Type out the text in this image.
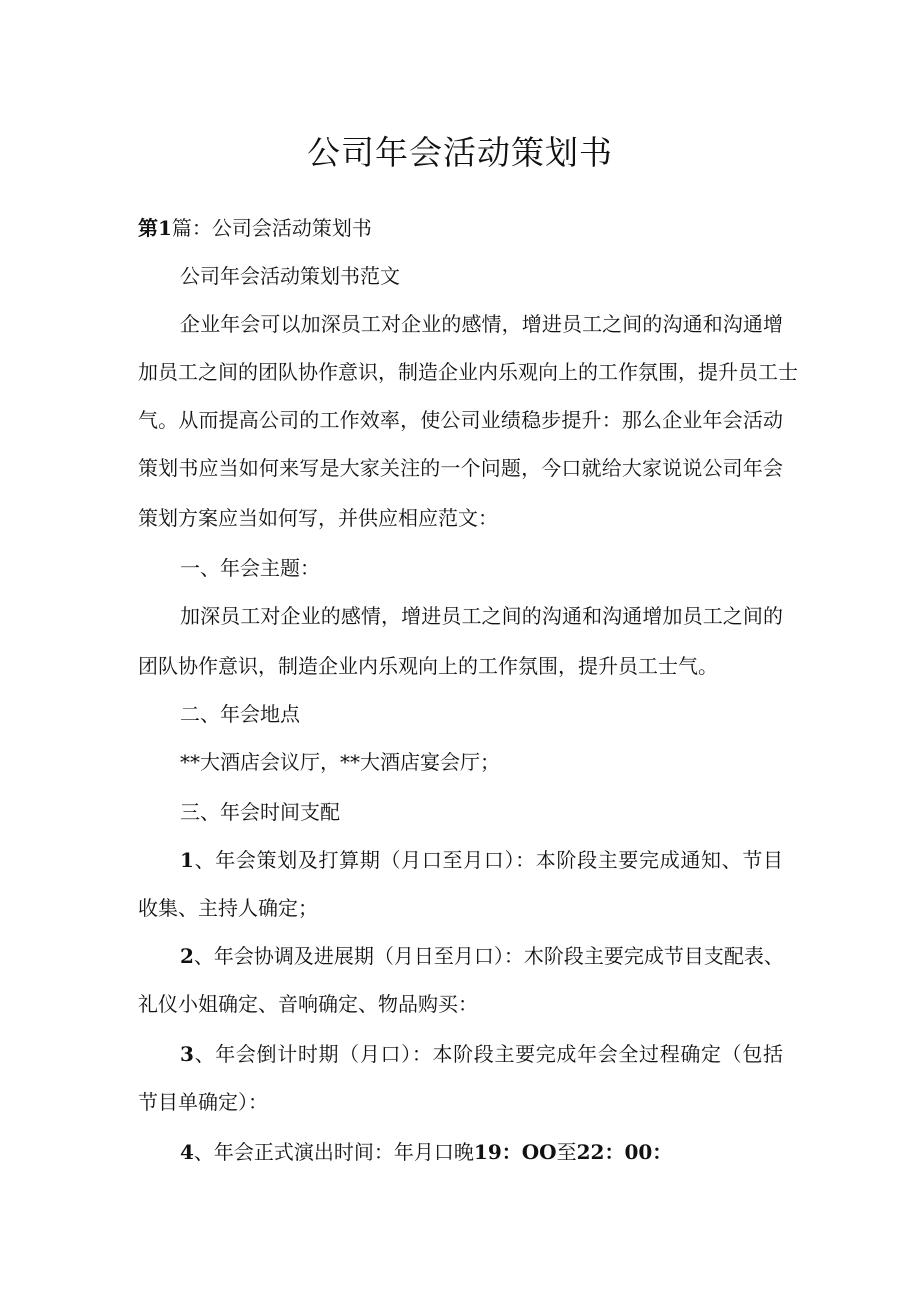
公司年会活动策划书
第1篇：公司会活动策划书
公司年会活动策划书范文
企业年会可以加深员工对企业的感情，增进员工之间的沟通和沟通增
加员工之间的团队协作意识，制造企业内乐观向上的工作氛围，提升员工士
气。从而提高公司的工作效率，使公司业绩稳步提升：那么企业年会活动
策划书应当如何来写是大家关注的一个问题，今口就给大家说说公司年会
策划方案应当如何写，并供应相应范文：
一、年会主题：
加深员工对企业的感情，增进员工之间的沟通和沟通增加员工之间的
团队协作意识，制造企业内乐观向上的工作氛围，提升员工士气。
二、年会地点
**大酒店会议厅，**大酒店宴会厅；
三、年会时间支配
1、年会策划及打算期（月口至月口）：本阶段主要完成通知、节目
收集、主持人确定；
2、年会协调及进展期（月日至月口）：木阶段主要完成节目支配表、
礼仪小姐确定、音响确定、物品购买：
3、年会倒计时期（月口）：本阶段主要完成年会全过程确定（包括
节目单确定）：
4、年会正式演出时间：年月口晚19：OO至22：00：
